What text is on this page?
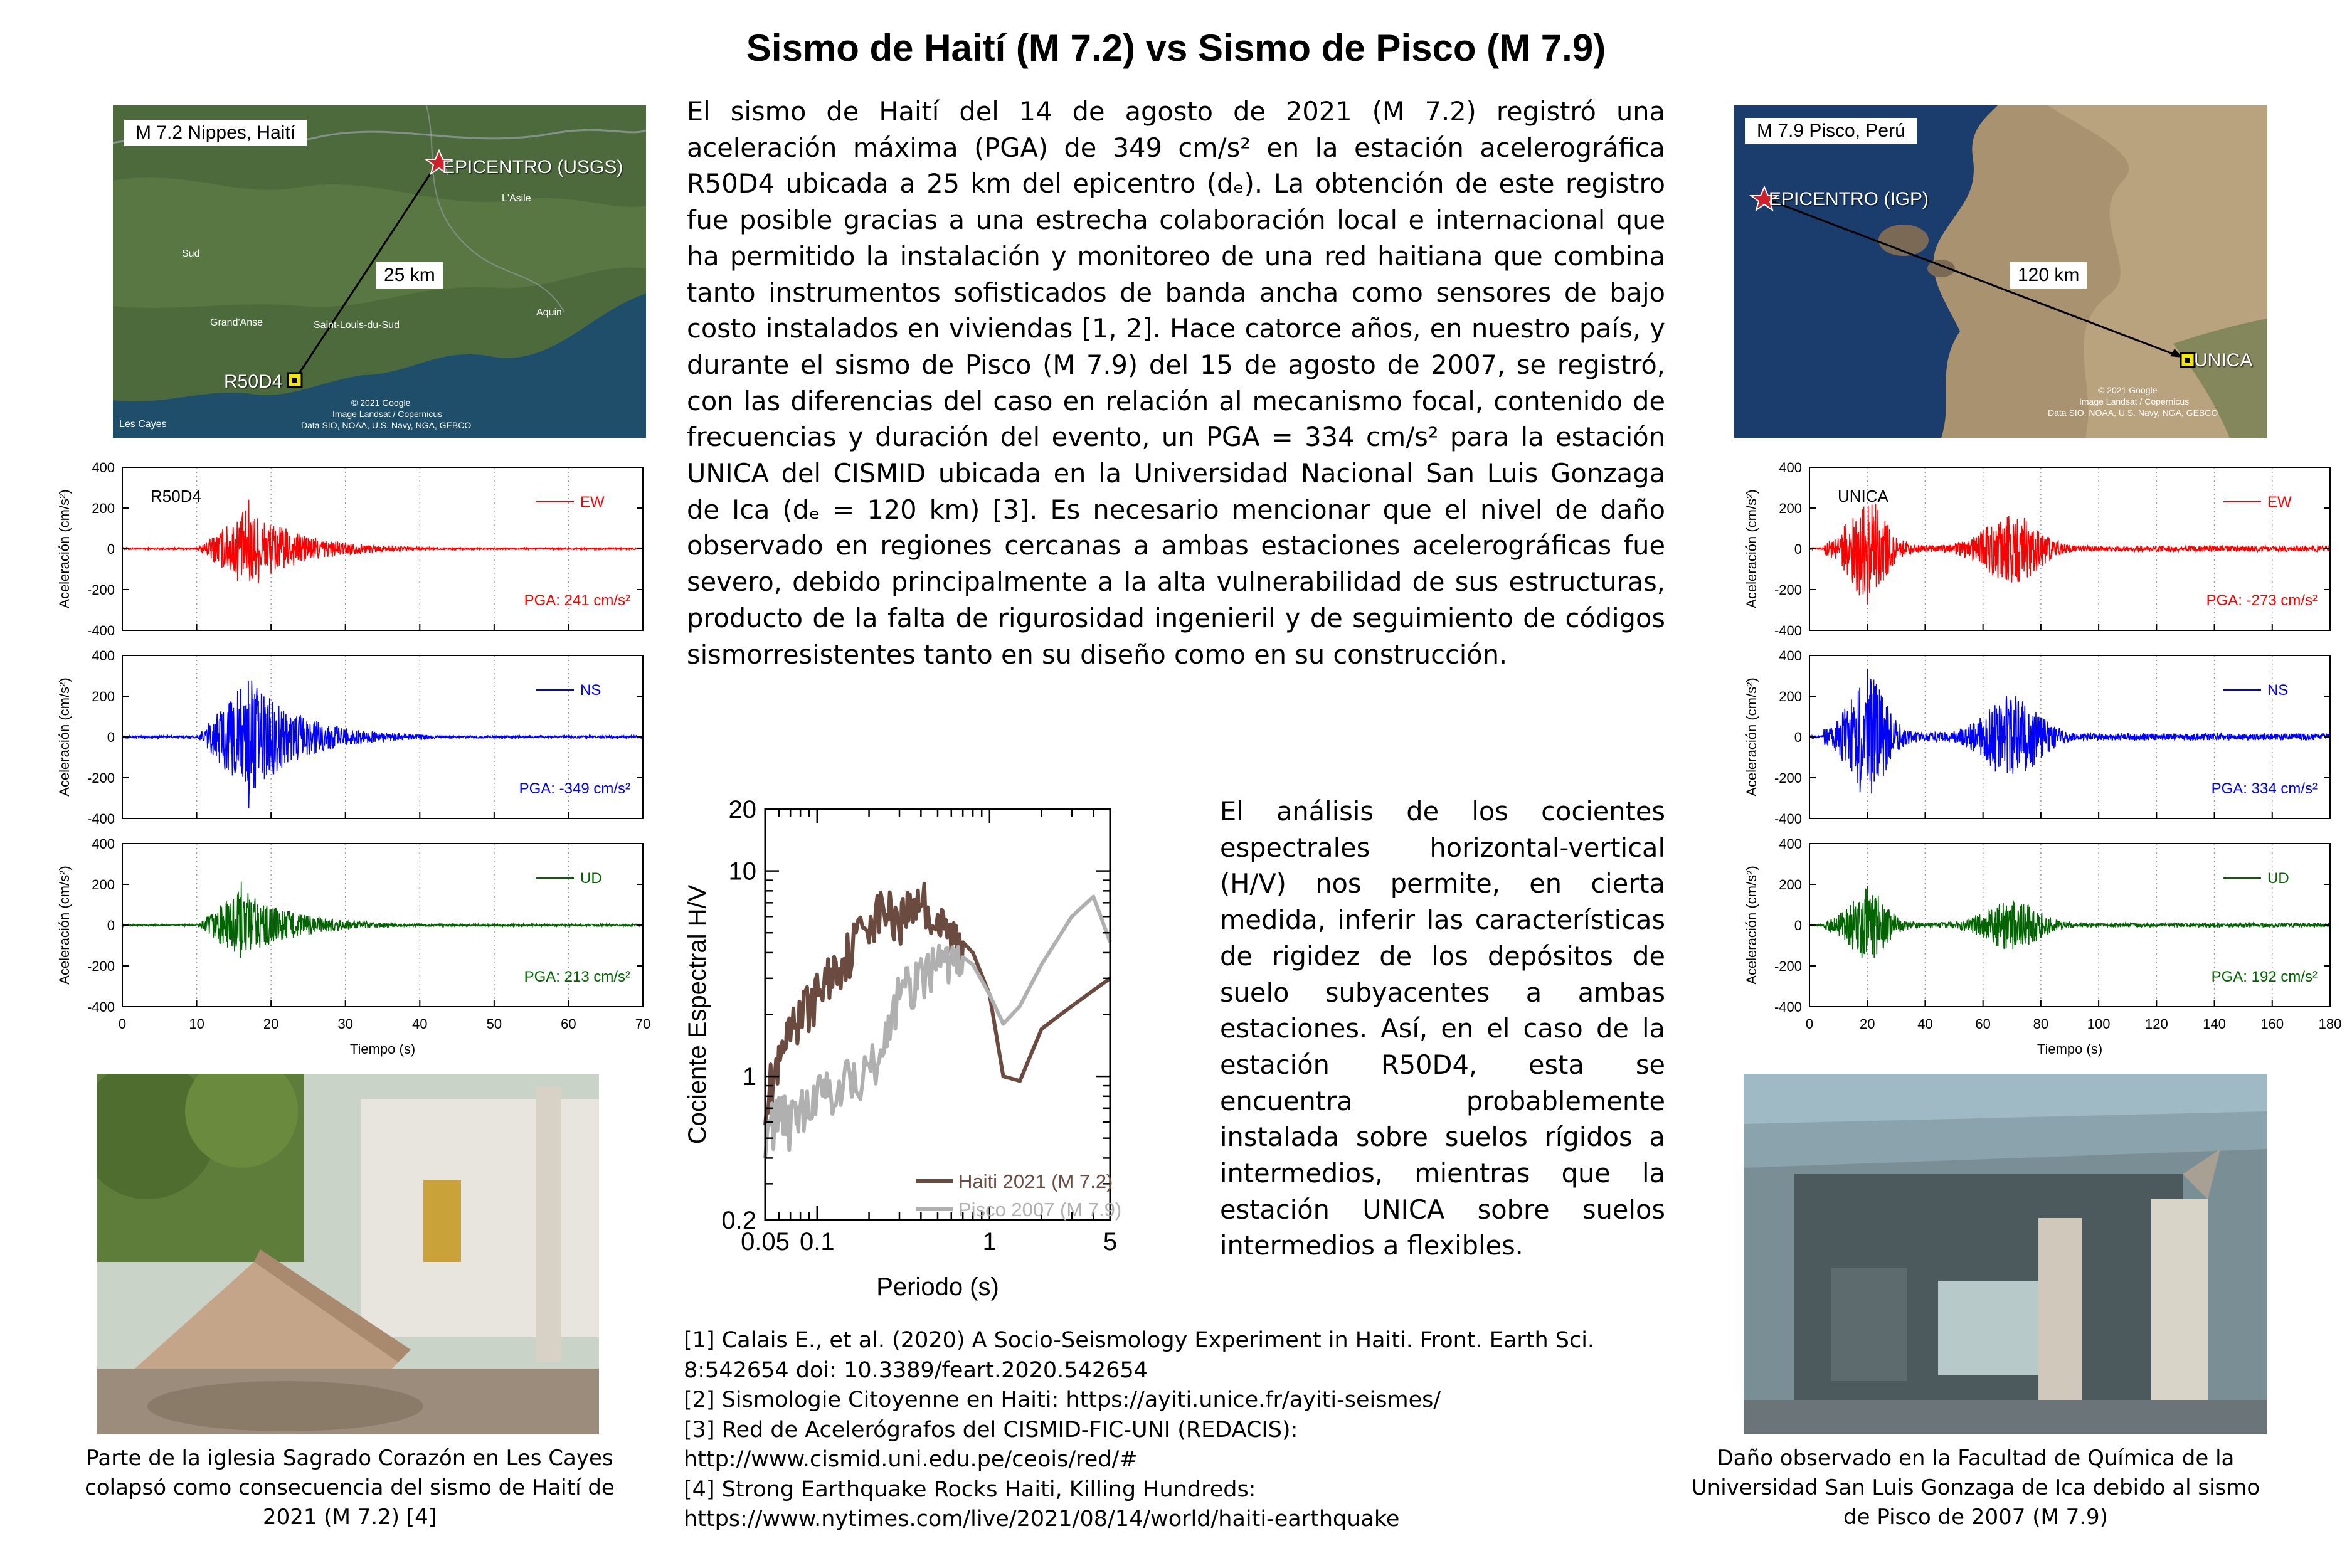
Sismo de Haití (M 7.2) vs Sismo de Pisco (M 7.9)
M 7.2 Nippes, Haití
EPICENTRO (USGS)
25 km
R50D4
Sud
Grand'Anse	Saint-Louis-du-Sud
Aquin
L'Asile
Les Cayes
© 2021 Google
Image Landsat / Copernicus
Data SIO, NOAA, U.S. Navy, NGA, GEBCO
M 7.9 Pisco, Perú
EPICENTRO (IGP)
120 km
UNICA
© 2021 Google
Image Landsat / Copernicus
Data SIO, NOAA, U.S. Navy, NGA, GEBCO
-400
-200
0
200
400
Aceleración (cm/s²)	EW
PGA: 241 cm/s²
R50D4
-400
-200
0
200
400
Aceleración (cm/s²)	NS
PGA: -349 cm/s²
-400
-200
0
200
400
Aceleración (cm/s²)	UD
PGA: 213 cm/s²
0	10	20	30	40	50	60	70
Tiempo (s)
-400
-200
0
200
400
Aceleración (cm/s²)	EW
PGA: -273 cm/s²
UNICA
-400
-200
0
200
400
Aceleración (cm/s²)	NS
PGA: 334 cm/s²
-400
-200
0
200
400
Aceleración (cm/s²)	UD
PGA: 192 cm/s²
0	20	40	60	80	100	120	140	160	180
Tiempo (s)
El sismo de Haití del 14 de agosto de 2021 (M 7.2) registró una aceleración máxima (PGA) de 349 cm/s² en la estación acelerográfica R50D4 ubicada a 25 km del epicentro (dₑ). La obtención de este registro fue posible gracias a una estrecha colaboración local e internacional que ha permitido la instalación y monitoreo de una red haitiana que combina tanto instrumentos sofisticados de banda ancha como sensores de bajo costo instalados en viviendas [1, 2]. Hace catorce años, en nuestro país, y durante el sismo de Pisco (M 7.9) del 15 de agosto de 2007, se registró, con las diferencias del caso en relación al mecanismo focal, contenido de frecuencias y duración del evento, un PGA = 334 cm/s² para la estación UNICA del CISMID ubicada en la Universidad Nacional San Luis Gonzaga de Ica (dₑ = 120 km) [3]. Es necesario mencionar que el nivel de daño observado en regiones cercanas a ambas estaciones acelerográficas fue severo, debido principalmente a la alta vulnerabilidad de sus estructuras, producto de la falta de rigurosidad ingenieril y de seguimiento de códigos sismorresistentes tanto en su diseño como en su construcción.
0.05 0.1	1	5
0.2
1
10
20
Periodo (s)
Cociente Espectral H/V
Haiti 2021 (M 7.2)
Pisco 2007 (M 7.9)
El análisis de los cocientes espectrales horizontal-vertical (H/V) nos permite, en cierta medida, inferir las características de rigidez de los depósitos de suelo subyacentes a ambas estaciones. Así, en el caso de la estación R50D4, esta se encuentra probablemente instalada sobre suelos rígidos a intermedios, mientras que la estación UNICA sobre suelos intermedios a flexibles.
[1] Calais E., et al. (2020) A Socio-Seismology Experiment in Haiti. Front. Earth Sci.
8:542654 doi: 10.3389/feart.2020.542654
[2] Sismologie Citoyenne en Haiti: https://ayiti.unice.fr/ayiti-seismes/
[3] Red de Acelerógrafos del CISMID-FIC-UNI (REDACIS):
http://www.cismid.uni.edu.pe/ceois/red/#
[4] Strong Earthquake Rocks Haiti, Killing Hundreds:
https://www.nytimes.com/live/2021/08/14/world/haiti-earthquake
Parte de la iglesia Sagrado Corazón en Les Cayes colapsó como consecuencia del sismo de Haití de 2021 (M 7.2) [4]
Daño observado en la Facultad de Química de la Universidad San Luis Gonzaga de Ica debido al sismo de Pisco de 2007 (M 7.9)
